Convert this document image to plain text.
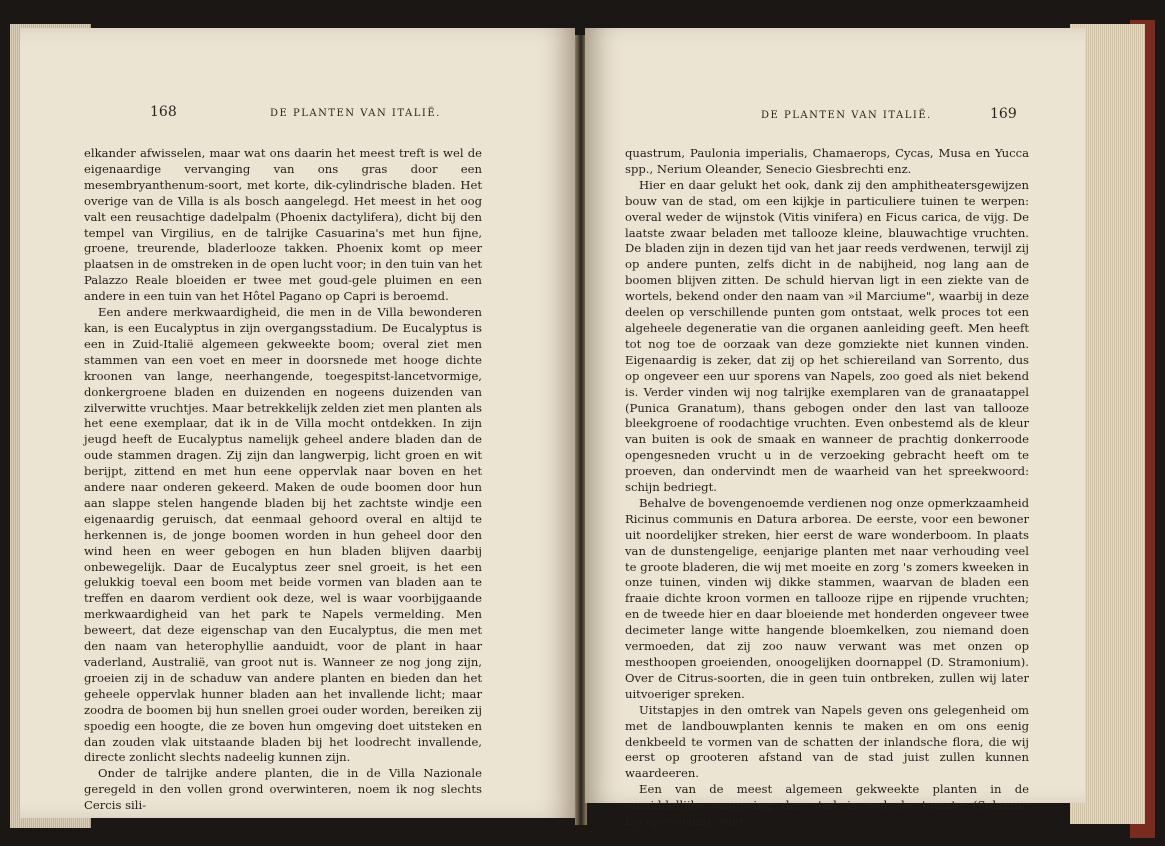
168	DE PLANTEN VAN ITALIË.

elkander afwisselen, maar wat ons daarin het meest treft is wel de eigenaardige vervanging van ons gras door een mesembryanthenum-soort, met korte, dik-cylindrische bladen. Het overige van de Villa is als bosch aangelegd. Het meest in het oog valt een reusachtige dadelpalm (Phoenix dactylifera), dicht bij den tempel van Virgilius, en de talrijke Casuarina's met hun fijne, groene, treurende, bladerlooze takken. Phoenix komt op meer plaatsen in de omstreken in de open lucht voor; in den tuin van het Palazzo Reale bloeiden er twee met goud-gele pluimen en een andere in een tuin van het Hôtel Pagano op Capri is beroemd.

Een andere merkwaardigheid, die men in de Villa bewonderen kan, is een Eucalyptus in zijn overgangsstadium. De Eucalyptus is een in Zuid-Italië algemeen gekweekte boom; overal ziet men stammen van een voet en meer in doorsnede met hooge dichte kroonen van lange, neerhangende, toegespitst-lancetvormige, donkergroene bladen en duizenden en nogeens duizenden van zilverwitte vruchtjes. Maar betrekkelijk zelden ziet men planten als het eene exemplaar, dat ik in de Villa mocht ontdekken. In zijn jeugd heeft de Eucalyptus namelijk geheel andere bladen dan de oude stammen dragen. Zij zijn dan langwerpig, licht groen en wit berijpt, zittend en met hun eene oppervlak naar boven en het andere naar onderen gekeerd. Maken de oude boomen door hun aan slappe stelen hangende bladen bij het zachtste windje een eigenaardig geruisch, dat eenmaal gehoord overal en altijd te herkennen is, de jonge boomen worden in hun geheel door den wind heen en weer gebogen en hun bladen blijven daarbij onbewegelijk. Daar de Eucalyptus zeer snel groeit, is het een gelukkig toeval een boom met beide vormen van bladen aan te treffen en daarom verdient ook deze, wel is waar voorbijgaande merkwaardigheid van het park te Napels vermelding. Men beweert, dat deze eigenschap van den Eucalyptus, die men met den naam van heterophyllie aanduidt, voor de plant in haar vaderland, Australië, van groot nut is. Wanneer ze nog jong zijn, groeien zij in de schaduw van andere planten en bieden dan het geheele oppervlak hunner bladen aan het invallende licht; maar zoodra de boomen bij hun snellen groei ouder worden, bereiken zij spoedig een hoogte, die ze boven hun omgeving doet uitsteken en dan zouden vlak uitstaande bladen bij het loodrecht invallende, directe zonlicht slechts nadeelig kunnen zijn.

Onder de talrijke andere planten, die in de Villa Nazionale geregeld in den vollen grond overwinteren, noem ik nog slechts Cercis sili-

DE PLANTEN VAN ITALIË.	169

quastrum, Paulonia imperialis, Chamaerops, Cycas, Musa en Yucca spp., Nerium Oleander, Senecio Giesbrechti enz.

Hier en daar gelukt het ook, dank zij den amphitheatersgewijzen bouw van de stad, om een kijkje in particuliere tuinen te werpen: overal weder de wijnstok (Vitis vinifera) en Ficus carica, de vijg. De laatste zwaar beladen met tallooze kleine, blauwachtige vruchten. De bladen zijn in dezen tijd van het jaar reeds verdwenen, terwijl zij op andere punten, zelfs dicht in de nabijheid, nog lang aan de boomen blijven zitten. De schuld hiervan ligt in een ziekte van de wortels, bekend onder den naam van »il Marciume", waarbij in deze deelen op verschillende punten gom ontstaat, welk proces tot een algeheele degeneratie van die organen aanleiding geeft. Men heeft tot nog toe de oorzaak van deze gomziekte niet kunnen vinden. Eigenaardig is zeker, dat zij op het schiereiland van Sorrento, dus op ongeveer een uur sporens van Napels, zoo goed als niet bekend is. Verder vinden wij nog talrijke exemplaren van de granaatappel (Punica Granatum), thans gebogen onder den last van tallooze bleekgroene of roodachtige vruchten. Even onbestemd als de kleur van buiten is ook de smaak en wanneer de prachtig donkerroode opengesneden vrucht u in de verzoeking gebracht heeft om te proeven, dan ondervindt men de waarheid van het spreekwoord: schijn bedriegt.

Behalve de bovengenoemde verdienen nog onze opmerkzaamheid Ricinus communis en Datura arborea. De eerste, voor een bewoner uit noordelijker streken, hier eerst de ware wonderboom. In plaats van de dunstengelige, eenjarige planten met naar verhouding veel te groote bladeren, die wij met moeite en zorg 's zomers kweeken in onze tuinen, vinden wij dikke stammen, waarvan de bladen een fraaie dichte kroon vormen en tallooze rijpe en rijpende vruchten; en de tweede hier en daar bloeiende met honderden ongeveer twee decimeter lange witte hangende bloemkelken, zou niemand doen vermoeden, dat zij zoo nauw verwant was met onzen op mesthoopen groeienden, onoogelijken doornappel (D. Stramonium). Over de Citrus-soorten, die in geen tuin ontbreken, zullen wij later uitvoeriger spreken.

Uitstapjes in den omtrek van Napels geven ons gelegenheid om met de landbouwplanten kennis te maken en om ons eenig denkbeeld te vormen van de schatten der inlandsche flora, die wij eerst op grooteren afstand van de stad juist zullen kunnen waardeeren.

Een van de meest algemeen gekweekte planten in de onmiddellijke omgeving der stad is wel de tomate (Solanum Lycopersicum), wier
